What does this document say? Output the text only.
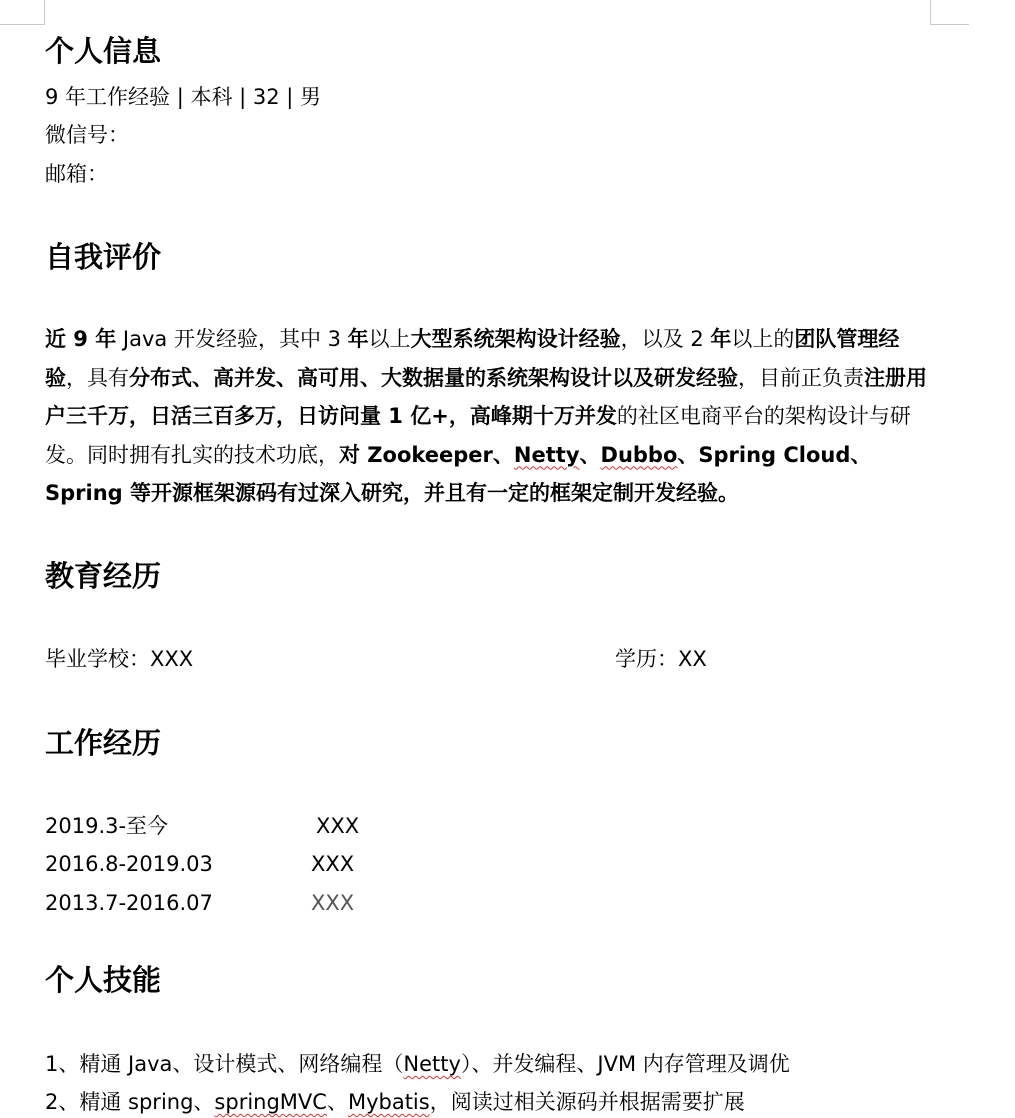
个人信息
9 年工作经验 | 本科 | 32 | 男
微信号：
邮箱：
自我评价

近 9 年 Java 开发经验，其中 3 年以上大型系统架构设计经验，以及 2 年以上的团队管理经验，具有分布式、高并发、高可用、大数据量的系统架构设计以及研发经验，目前正负责注册用户三千万，日活三百多万，日访问量 1 亿+，高峰期十万并发的社区电商平台的架构设计与研发。同时拥有扎实的技术功底，对 Zookeeper、Netty、Dubbo、Spring Cloud、Spring 等开源框架源码有过深入研究，并且有一定的框架定制开发经验。

教育经历
毕业学校：XXX	学历：XX
工作经历
2019.3-至今	XXX
2016.8-2019.03	XXX
2013.7-2016.07	XXX
个人技能
1、精通 Java、设计模式、网络编程（Netty）、并发编程、JVM 内存管理及调优
2、精通 spring、springMVC、Mybatis，阅读过相关源码并根据需要扩展
